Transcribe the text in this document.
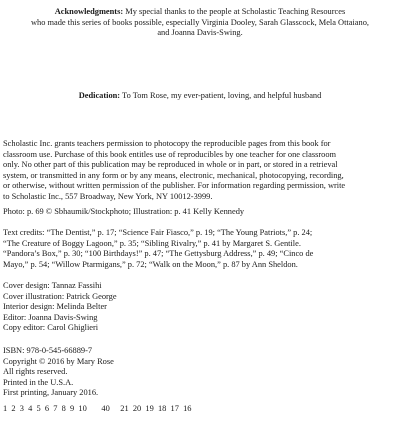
Acknowledgments: My special thanks to the people at Scholastic Teaching Resources
who made this series of books possible, especially Virginia Dooley, Sarah Glasscock, Mela Ottaiano,
and Joanna Davis-Swing.
Dedication: To Tom Rose, my ever-patient, loving, and helpful husband
Scholastic Inc. grants teachers permission to photocopy the reproducible pages from this book for
classroom use. Purchase of this book entitles use of reproducibles by one teacher for one classroom
only. No other part of this publication may be reproduced in whole or in part, or stored in a retrieval
system, or transmitted in any form or by any means, electronic, mechanical, photocopying, recording,
or otherwise, without written permission of the publisher. For information regarding permission, write
to Scholastic Inc., 557 Broadway, New York, NY 10012-3999.
Photo: p. 69 © Sbhaumik/Stockphoto; Illustration: p. 41 Kelly Kennedy
Text credits: “The Dentist,” p. 17; “Science Fair Fiasco,” p. 19; “The Young Patriots,” p. 24;
“The Creature of Boggy Lagoon,” p. 35; “Sibling Rivalry,” p. 41 by Margaret S. Gentile.
“Pandora’s Box,” p. 30; “100 Birthdays!” p. 47; “The Gettysburg Address,” p. 49; “Cinco de
Mayo,” p. 54; “Willow Ptarmigans,” p. 72; “Walk on the Moon,” p. 87 by Ann Sheldon.
Cover design: Tannaz Fassihi
Cover illustration: Patrick George
Interior design: Melinda Belter
Editor: Joanna Davis-Swing
Copy editor: Carol Ghiglieri
ISBN: 978-0-545-66889-7
Copyright © 2016 by Mary Rose
All rights reserved.
Printed in the U.S.A.
First printing, January 2016.
1  2  3  4  5  6  7  8  9  10       40     21  20  19  18  17  16
